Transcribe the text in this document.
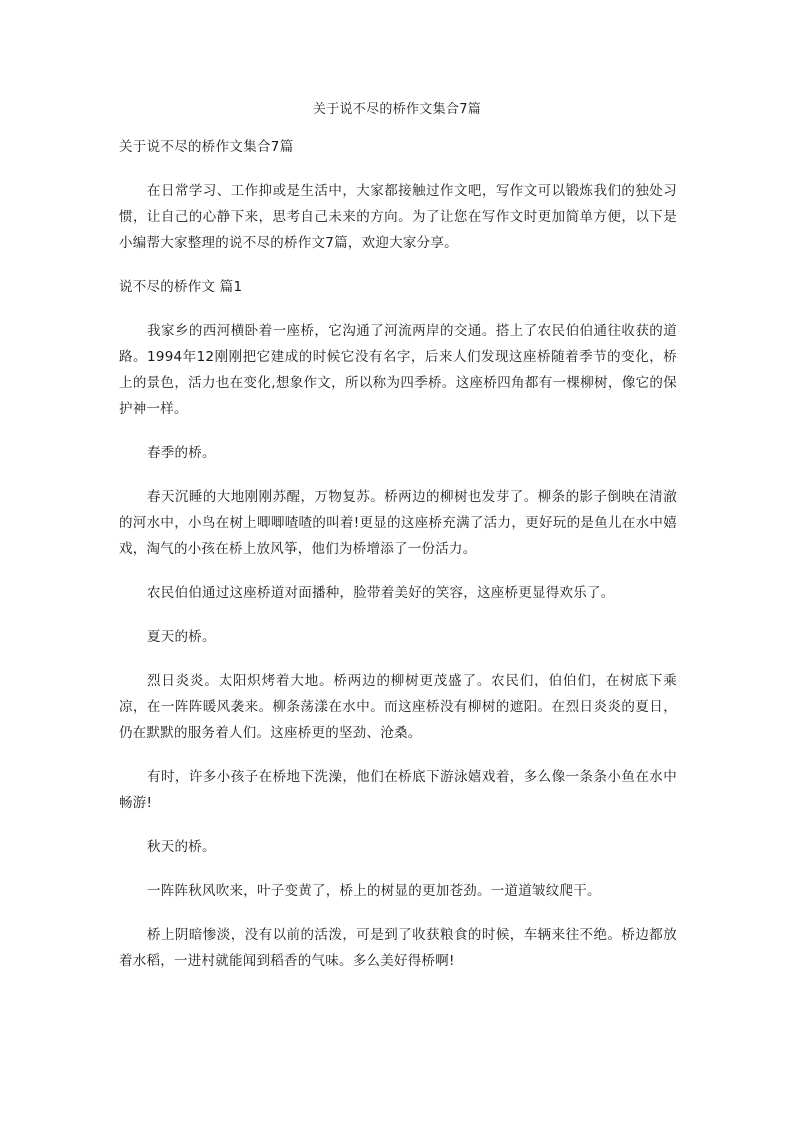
关于说不尽的桥作文集合7篇
关于说不尽的桥作文集合7篇

在日常学习、工作抑或是生活中，大家都接触过作文吧，写作文可以锻炼我们的独处习惯，让自己的心静下来，思考自己未来的方向。为了让您在写作文时更加简单方便，以下是小编帮大家整理的说不尽的桥作文7篇，欢迎大家分享。

说不尽的桥作文 篇1

我家乡的西河横卧着一座桥，它沟通了河流两岸的交通。搭上了农民伯伯通往收获的道路。1994年12刚刚把它建成的时候它没有名字，后来人们发现这座桥随着季节的变化，桥上的景色，活力也在变化,想象作文，所以称为四季桥。这座桥四角都有一棵柳树，像它的保护神一样。

春季的桥。

春天沉睡的大地刚刚苏醒，万物复苏。桥两边的柳树也发芽了。柳条的影子倒映在清澈的河水中，小鸟在树上唧唧喳喳的叫着!更显的这座桥充满了活力，更好玩的是鱼儿在水中嬉戏，淘气的小孩在桥上放风筝，他们为桥增添了一份活力。

农民伯伯通过这座桥道对面播种，脸带着美好的笑容，这座桥更显得欢乐了。

夏天的桥。

烈日炎炎。太阳炽烤着大地。桥两边的柳树更茂盛了。农民们，伯伯们，在树底下乘凉，在一阵阵暖风袭来。柳条荡漾在水中。而这座桥没有柳树的遮阳。在烈日炎炎的夏日，仍在默默的服务着人们。这座桥更的坚劲、沧桑。

有时，许多小孩子在桥地下洗澡，他们在桥底下游泳嬉戏着，多么像一条条小鱼在水中畅游!

秋天的桥。

一阵阵秋风吹来，叶子变黄了，桥上的树显的更加苍劲。一道道皱纹爬干。

桥上阴暗惨淡，没有以前的活泼，可是到了收获粮食的时候，车辆来往不绝。桥边都放着水稻，一进村就能闻到稻香的气味。多么美好得桥啊!
